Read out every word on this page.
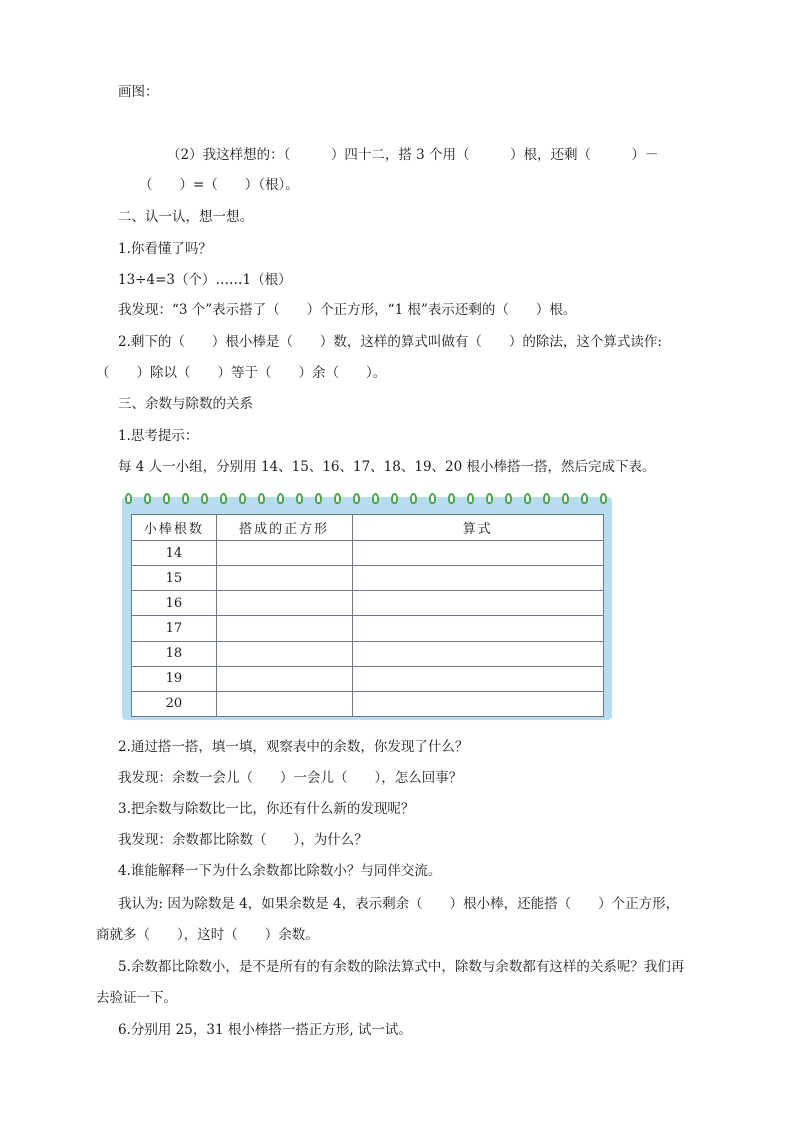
画图：
（2）我这样想的：（　　　）四十二，搭 3 个用（　　　）根，还剩（　　　）－
（　　）=（　　）（根）。
二、认一认，想一想。
1.你看懂了吗？
13÷4=3（个）……1（根）
我发现：“3 个”表示搭了（　　）个正方形，“1 根”表示还剩的（　　）根。
2.剩下的（　　）根小棒是（　　）数，这样的算式叫做有（　　）的除法，这个算式读作:
（　　）除以（　　）等于（　　）余（　　）。
三、余数与除数的关系
1.思考提示：
每 4 人一小组，分别用 14、15、16、17、18、19、20 根小棒搭一搭，然后完成下表。
小棒根数	搭成的正方形	算式
14		
15		
16		
17		
18		
19		
20		
2.通过搭一搭，填一填，观察表中的余数，你发现了什么？
我发现：余数一会儿（　　）一会儿（　　），怎么回事？
3.把余数与除数比一比，你还有什么新的发现呢？
我发现：余数都比除数（　　），为什么？
4.谁能解释一下为什么余数都比除数小？与同伴交流。
我认为: 因为除数是 4，如果余数是 4，表示剩余（　　）根小棒，还能搭（　　）个正方形，
商就多（　　），这时（　　）余数。
5.余数都比除数小，是不是所有的有余数的除法算式中，除数与余数都有这样的关系呢？我们再
去验证一下。
6.分别用 25，31 根小棒搭一搭正方形, 试一试。
